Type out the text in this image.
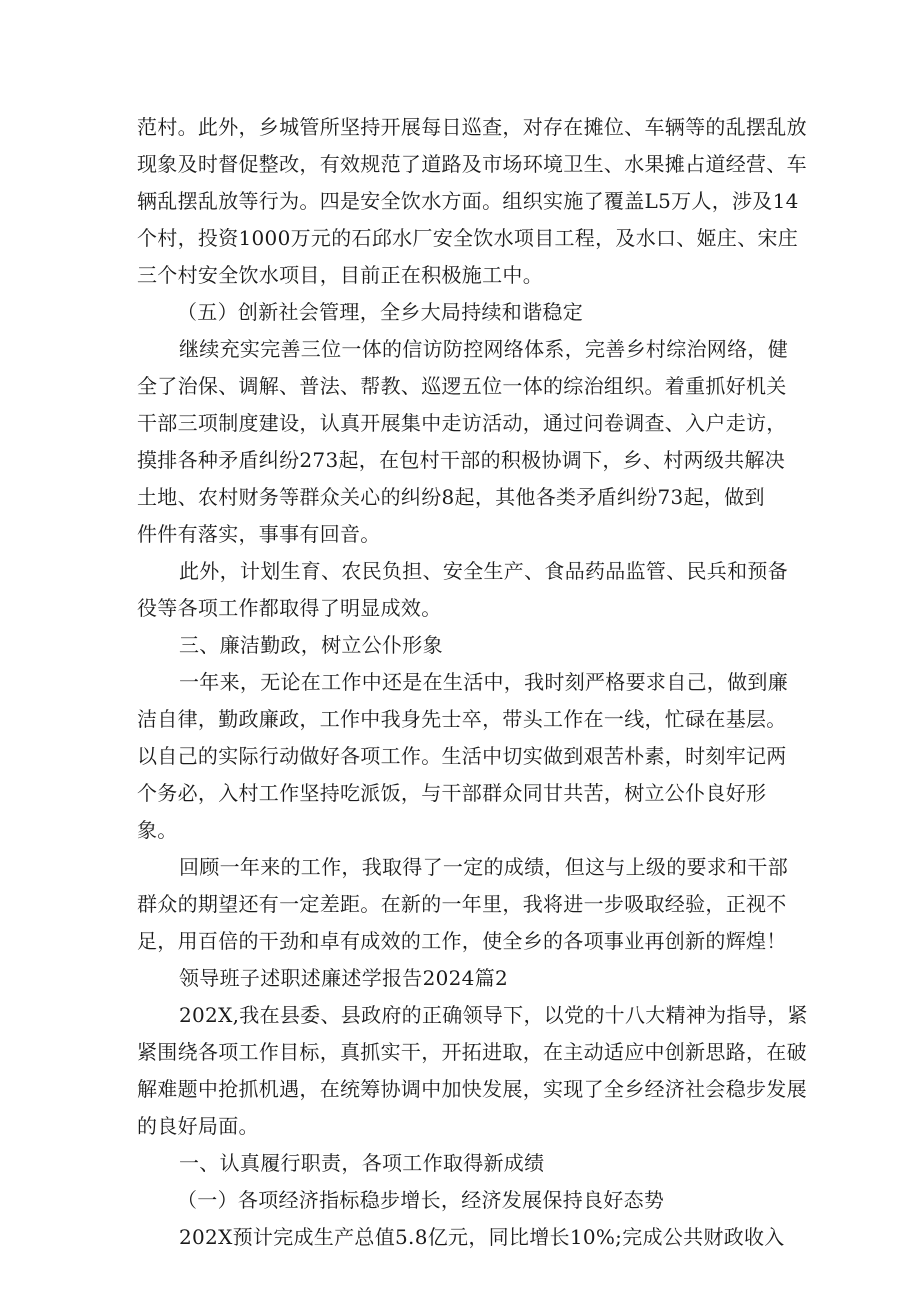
范村。此外，乡城管所坚持开展每日巡查，对存在摊位、车辆等的乱摆乱放
现象及时督促整改，有效规范了道路及市场环境卫生、水果摊占道经营、车
辆乱摆乱放等行为。四是安全饮水方面。组织实施了覆盖L5万人，涉及14
个村，投资1000万元的石邱水厂安全饮水项目工程，及水口、姬庄、宋庄
三个村安全饮水项目，目前正在积极施工中。
（五）创新社会管理，全乡大局持续和谐稳定
继续充实完善三位一体的信访防控网络体系，完善乡村综治网络，健
全了治保、调解、普法、帮教、巡逻五位一体的综治组织。着重抓好机关
干部三项制度建设，认真开展集中走访活动，通过问卷调查、入户走访，
摸排各种矛盾纠纷273起，在包村干部的积极协调下，乡、村两级共解决
土地、农村财务等群众关心的纠纷8起，其他各类矛盾纠纷73起，做到
件件有落实，事事有回音。
此外，计划生育、农民负担、安全生产、食品药品监管、民兵和预备
役等各项工作都取得了明显成效。
三、廉洁勤政，树立公仆形象
一年来，无论在工作中还是在生活中，我时刻严格要求自己，做到廉
洁自律，勤政廉政，工作中我身先士卒，带头工作在一线，忙碌在基层。
以自己的实际行动做好各项工作。生活中切实做到艰苦朴素，时刻牢记两
个务必，入村工作坚持吃派饭，与干部群众同甘共苦，树立公仆良好形
象。
回顾一年来的工作，我取得了一定的成绩，但这与上级的要求和干部
群众的期望还有一定差距。在新的一年里，我将进一步吸取经验，正视不
足，用百倍的干劲和卓有成效的工作，使全乡的各项事业再创新的辉煌！
领导班子述职述廉述学报告2024篇2
202X,我在县委、县政府的正确领导下，以党的十八大精神为指导，紧
紧围绕各项工作目标，真抓实干，开拓进取，在主动适应中创新思路，在破
解难题中抢抓机遇，在统筹协调中加快发展，实现了全乡经济社会稳步发展
的良好局面。
一、认真履行职责，各项工作取得新成绩
（一）各项经济指标稳步增长，经济发展保持良好态势
202X预计完成生产总值5.8亿元，同比增长10%;完成公共财政收入
